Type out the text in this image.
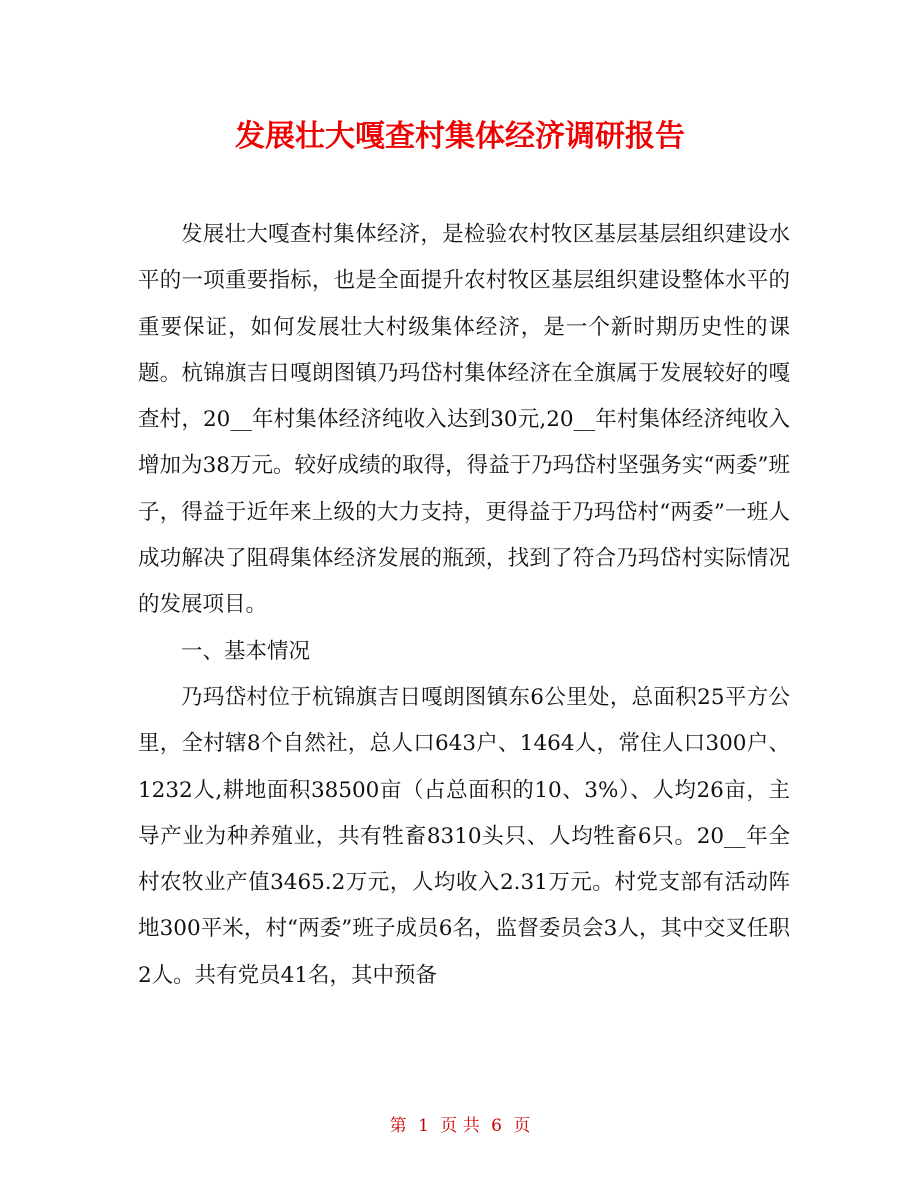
发展壮大嘎查村集体经济调研报告

发展壮大嘎查村集体经济，是检验农村牧区基层基层组织建设水平的一项重要指标，也是全面提升农村牧区基层组织建设整体水平的重要保证，如何发展壮大村级集体经济，是一个新时期历史性的课题。杭锦旗吉日嘎朗图镇乃玛岱村集体经济在全旗属于发展较好的嘎查村，20__年村集体经济纯收入达到30元,20__年村集体经济纯收入增加为38万元。较好成绩的取得，得益于乃玛岱村坚强务实“两委”班子，得益于近年来上级的大力支持，更得益于乃玛岱村“两委”一班人成功解决了阻碍集体经济发展的瓶颈，找到了符合乃玛岱村实际情况的发展项目。

一、基本情况

乃玛岱村位于杭锦旗吉日嘎朗图镇东6公里处，总面积25平方公里，全村辖8个自然社，总人口643户、1464人，常住人口300户、1232人,耕地面积38500亩（占总面积的10、3%）、人均26亩，主导产业为种养殖业，共有牲畜8310头只、人均牲畜6只。20__年全村农牧业产值3465.2万元，人均收入2.31万元。村党支部有活动阵地300平米，村“两委”班子成员6名，监督委员会3人，其中交叉任职2人。共有党员41名，其中预备

第 1 页 共 6 页
